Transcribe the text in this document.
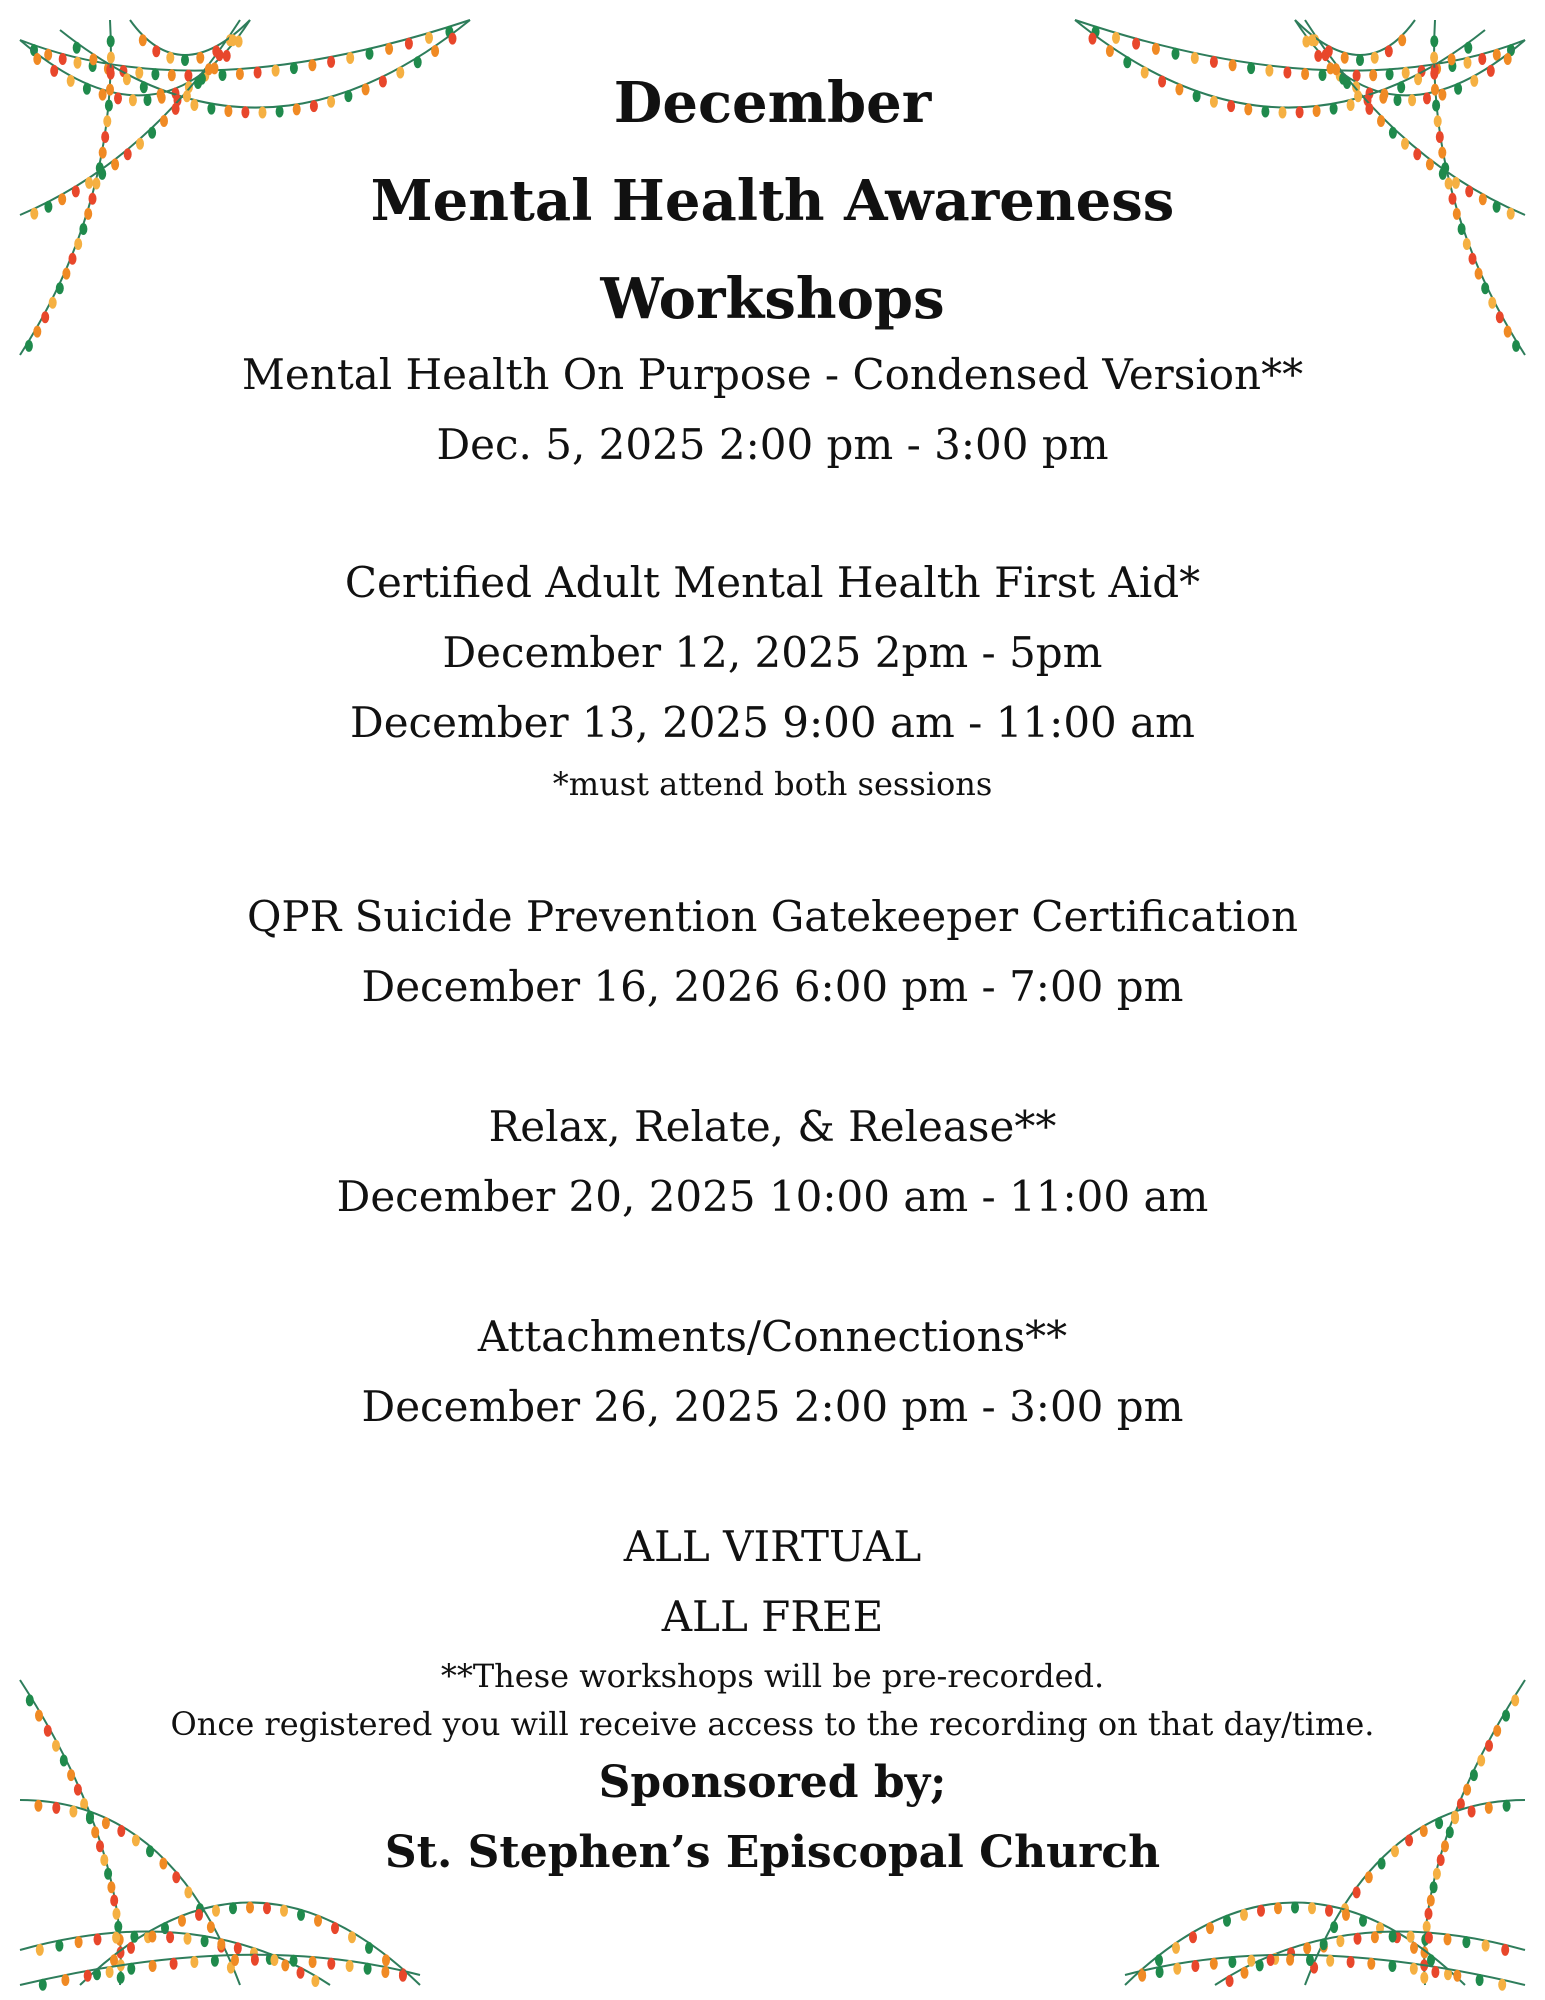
December

Mental Health Awareness

Workshops

Mental Health On Purpose - Condensed Version**

Dec. 5, 2025 2:00 pm - 3:00 pm

Certified Adult Mental Health First Aid*

December 12, 2025 2pm - 5pm

December 13, 2025 9:00 am - 11:00 am

*must attend both sessions

QPR Suicide Prevention Gatekeeper Certification

December 16, 2026 6:00 pm - 7:00 pm

Relax, Relate, & Release**

December 20, 2025 10:00 am - 11:00 am

Attachments/Connections**

December 26, 2025 2:00 pm - 3:00 pm

ALL VIRTUAL

ALL FREE

**These workshops will be pre-recorded.

Once registered you will receive access to the recording on that day/time.

Sponsored by;

St. Stephen’s Episcopal Church
